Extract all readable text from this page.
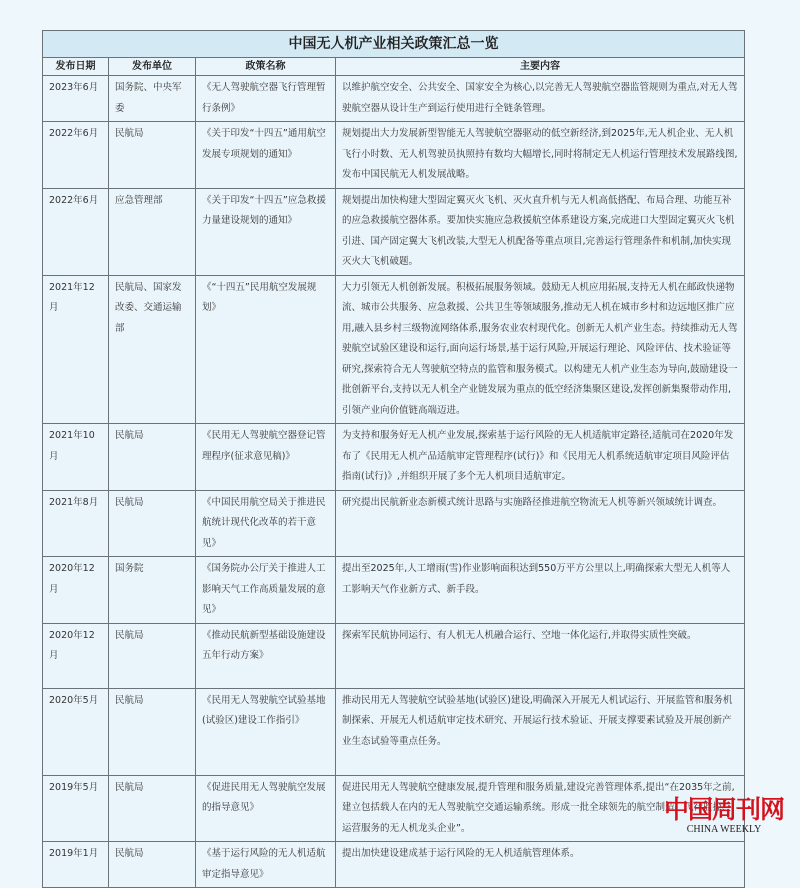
中国无人机产业相关政策汇总一览			
发布日期	发布单位	政策名称	主要内容
2023年6月	国务院、中央军委	《无人驾驶航空器飞行管理暂行条例》	以维护航空安全、公共安全、国家安全为核心,以完善无人驾驶航空器监管规则为重点,对无人驾驶航空器从设计生产到运行使用进行全链条管理。
2022年6月	民航局	《关于印发“十四五”通用航空发展专项规划的通知》	规划提出大力发展新型智能无人驾驶航空器驱动的低空新经济,到2025年,无人机企业、无人机飞行小时数、无人机驾驶员执照持有数均大幅增长,同时将制定无人机运行管理技术发展路线图,发布中国民航无人机发展战略。
2022年6月	应急管理部	《关于印发“十四五”应急救援力量建设规划的通知》	规划提出加快构建大型固定翼灭火飞机、灭火直升机与无人机高低搭配、布局合理、功能互补的应急救援航空器体系。要加快实施应急救援航空体系建设方案,完成进口大型固定翼灭火飞机引进、国产固定翼大飞机改装,大型无人机配备等重点项目,完善运行管理条件和机制,加快实现灭火大飞机破题。
2021年12月	民航局、国家发改委、交通运输部	《“十四五”民用航空发展规划》	大力引领无人机创新发展。积极拓展服务领域。鼓励无人机应用拓展,支持无人机在邮政快递物流、城市公共服务、应急救援、公共卫生等领域服务,推动无人机在城市乡村和边远地区推广应用,融入县乡村三级物流网络体系,服务农业农村现代化。创新无人机产业生态。持续推动无人驾驶航空试验区建设和运行,面向运行场景,基于运行风险,开展运行理论、风险评估、技术验证等研究,探索符合无人驾驶航空特点的监管和服务模式。以构建无人机产业生态为导向,鼓励建设一批创新平台,支持以无人机全产业链发展为重点的低空经济集聚区建设,发挥创新集聚带动作用,引领产业向价值链高端迈进。
2021年10月	民航局	《民用无人驾驶航空器登记管理程序(征求意见稿)》	为支持和服务好无人机产业发展,探索基于运行风险的无人机适航审定路径,适航司在2020年发布了《民用无人机产品适航审定管理程序(试行)》和《民用无人机系统适航审定项目风险评估指南(试行)》,并组织开展了多个无人机项目适航审定。
2021年8月	民航局	《中国民用航空局关于推进民航统计现代化改革的若干意见》	研究提出民航新业态新模式统计思路与实施路径推进航空物流无人机等新兴领域统计调查。
2020年12月	国务院	《国务院办公厅关于推进人工影响天气工作高质量发展的意见》	提出至2025年,人工增雨(雪)作业影响面积达到550万平方公里以上,明确探索大型无人机等人工影响天气作业新方式、新手段。
2020年12月	民航局	《推动民航新型基础设施建设五年行动方案》	探索军民航协同运行、有人机无人机融合运行、空地一体化运行,并取得实质性突破。
2020年5月	民航局	《民用无人驾驶航空试验基地(试验区)建设工作指引》	推动民用无人驾驶航空试验基地(试验区)建设,明确深入开展无人机试运行、开展监管和服务机制探索、开展无人机适航审定技术研究、开展运行技术验证、开展支撑要素试验及开展创新产业生态试验等重点任务。
2019年5月	民航局	《促进民用无人驾驶航空发展的指导意见》	促进民用无人驾驶航空健康发展,提升管理和服务质量,建设完善管理体系,提出“在2035年之前,建立包括载人在内的无人驾驶航空交通运输系统。形成一批全球领先的航空制造、飞行监控、运营服务的无人机龙头企业”。
2019年1月	民航局	《基于运行风险的无人机适航审定指导意见》	提出加快建设建成基于运行风险的无人机适航管理体系。
中国周刊网
CHINA WEEKLY
